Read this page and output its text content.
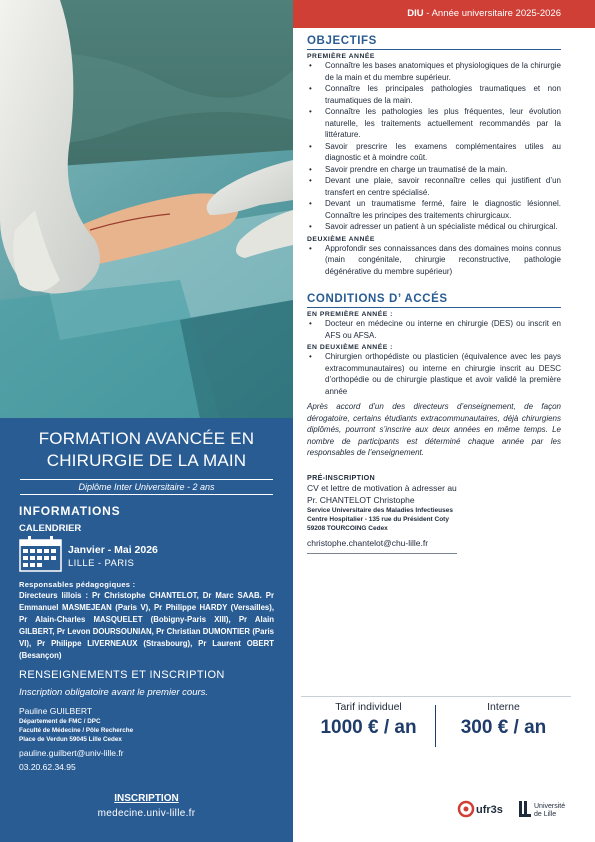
FORMATION AVANCÉE EN
CHIRURGIE DE LA MAIN
Diplôme Inter Universitaire - 2 ans
INFORMATIONS
CALENDRIER
Janvier - Mai 2026
LILLE - PARIS
Responsables pédagogiques :
Directeurs lillois : Pr Christophe CHANTELOT, Dr Marc SAAB. Pr Emmanuel MASMEJEAN (Paris V), Pr Philippe HARDY (Versailles), Pr Alain-Charles MASQUELET (Bobigny-Paris XIII), Pr Alain GILBERT, Pr Levon DOURSOUNIAN, Pr Christian DUMONTIER (Paris VI), Pr Philippe LIVERNEAUX (Strasbourg), Pr Laurent OBERT (Besançon)
RENSEIGNEMENTS ET INSCRIPTION
Inscription obligatoire avant le premier cours.
Pauline GUILBERT
Département de FMC / DPC
Faculté de Médecine / Pôle Recherche
Place de Verdun 59045 Lille Cedex
pauline.guilbert@univ-lille.fr
03.20.62.34.95
INSCRIPTION
medecine.univ-lille.fr
DIU - Année universitaire 2025-2026
OBJECTIFS
PREMIÈRE ANNÉE
• Connaître les bases anatomiques et physiologiques de la chirurgie de la main et du membre supérieur.
• Connaître les principales pathologies traumatiques et non traumatiques de la main.
• Connaître les pathologies les plus fréquentes, leur évolution naturelle, les traitements actuellement recommandés par la littérature.
• Savoir prescrire les examens complémentaires utiles au diagnostic et à moindre coût.
• Savoir prendre en charge un traumatisé de la main.
• Devant une plaie, savoir reconnaître celles qui justifient d’un transfert en centre spécialisé.
• Devant un traumatisme fermé, faire le diagnostic lésionnel. Connaître les principes des traitements chirurgicaux.
• Savoir adresser un patient à un spécialiste médical ou chirurgical.
DEUXIÈME ANNÉE
• Approfondir ses connaissances dans des domaines moins connus (main congénitale, chirurgie reconstructive, pathologie dégénérative du membre supérieur)
CONDITIONS D’ ACCÉS
EN PREMIÈRE ANNÉE :
• Docteur en médecine ou interne en chirurgie (DES) ou inscrit en AFS ou AFSA.
EN DEUXIÈME ANNÉE :
• Chirurgien orthopédiste ou plasticien (équivalence avec les pays extracommunautaires) ou interne en chirurgie inscrit au DESC d’orthopédie ou de chirurgie plastique et avoir validé la première année
Après accord d’un des directeurs d’enseignement, de façon dérogatoire, certains étudiants extracommunautaires, déjà chirurgiens diplômés, pourront s’inscrire aux deux années en même temps. Le nombre de participants est déterminé chaque année par les responsables de l’enseignement.
PRÉ-INSCRIPTION
CV et lettre de motivation à adresser au
Pr. CHANTELOT Christophe
Service Universitaire des Maladies Infectieuses
Centre Hospitalier - 135 rue du Président Coty
59208 TOURCOING Cedex
christophe.chantelot@chu-lille.fr
Tarif individuel
1000 € / an
Interne
300 € / an
ufr3s	Université
de Lille
